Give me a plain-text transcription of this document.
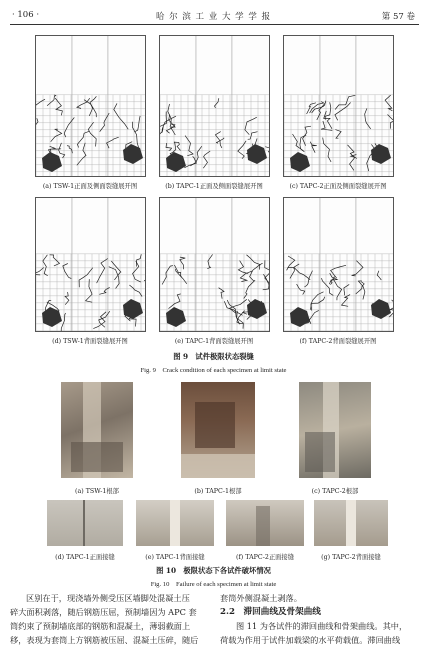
· 106 ·	哈 尔 滨 工 业 大 学 学 报	第 57 卷
(a) TSW-1正面及侧面裂缝展开图	(b) TAPC-1正面及侧面裂缝展开图	(c) TAPC-2正面及侧面裂缝展开图
(d) TSW-1背面裂缝展开图	(e) TAPC-1背面裂缝展开图	(f) TAPC-2背面裂缝展开图
图 9　试件极限状态裂缝
Fig. 9　Crack condition of each specimen at limit state
(a) TSW-1根部	(b) TAPC-1根部	(c) TAPC-2根部
(d) TAPC-1正面接缝	(e) TAPC-1背面接缝	(f) TAPC-2正面接缝	(g) TAPC-2背面接缝
图 10　极限状态下各试件破坏情况
Fig. 10　Failure of each specimen at limit state
区别在于，现浇墙外侧受压区墙脚处混凝土压
碎大面积剥落，随后钢筋压屈，预制墙因为 APC 套
筒约束了预制墙底部的钢筋和混凝土，薄弱截面上
移，表现为套筒上方钢筋被压屈、混凝土压碎，随后
套筒外侧混凝土剥落。
2.2　滞回曲线及骨架曲线
图 11 为各试件的滞回曲线和骨架曲线。其中，
荷载为作用于试件加载梁的水平荷载值。滞回曲线
